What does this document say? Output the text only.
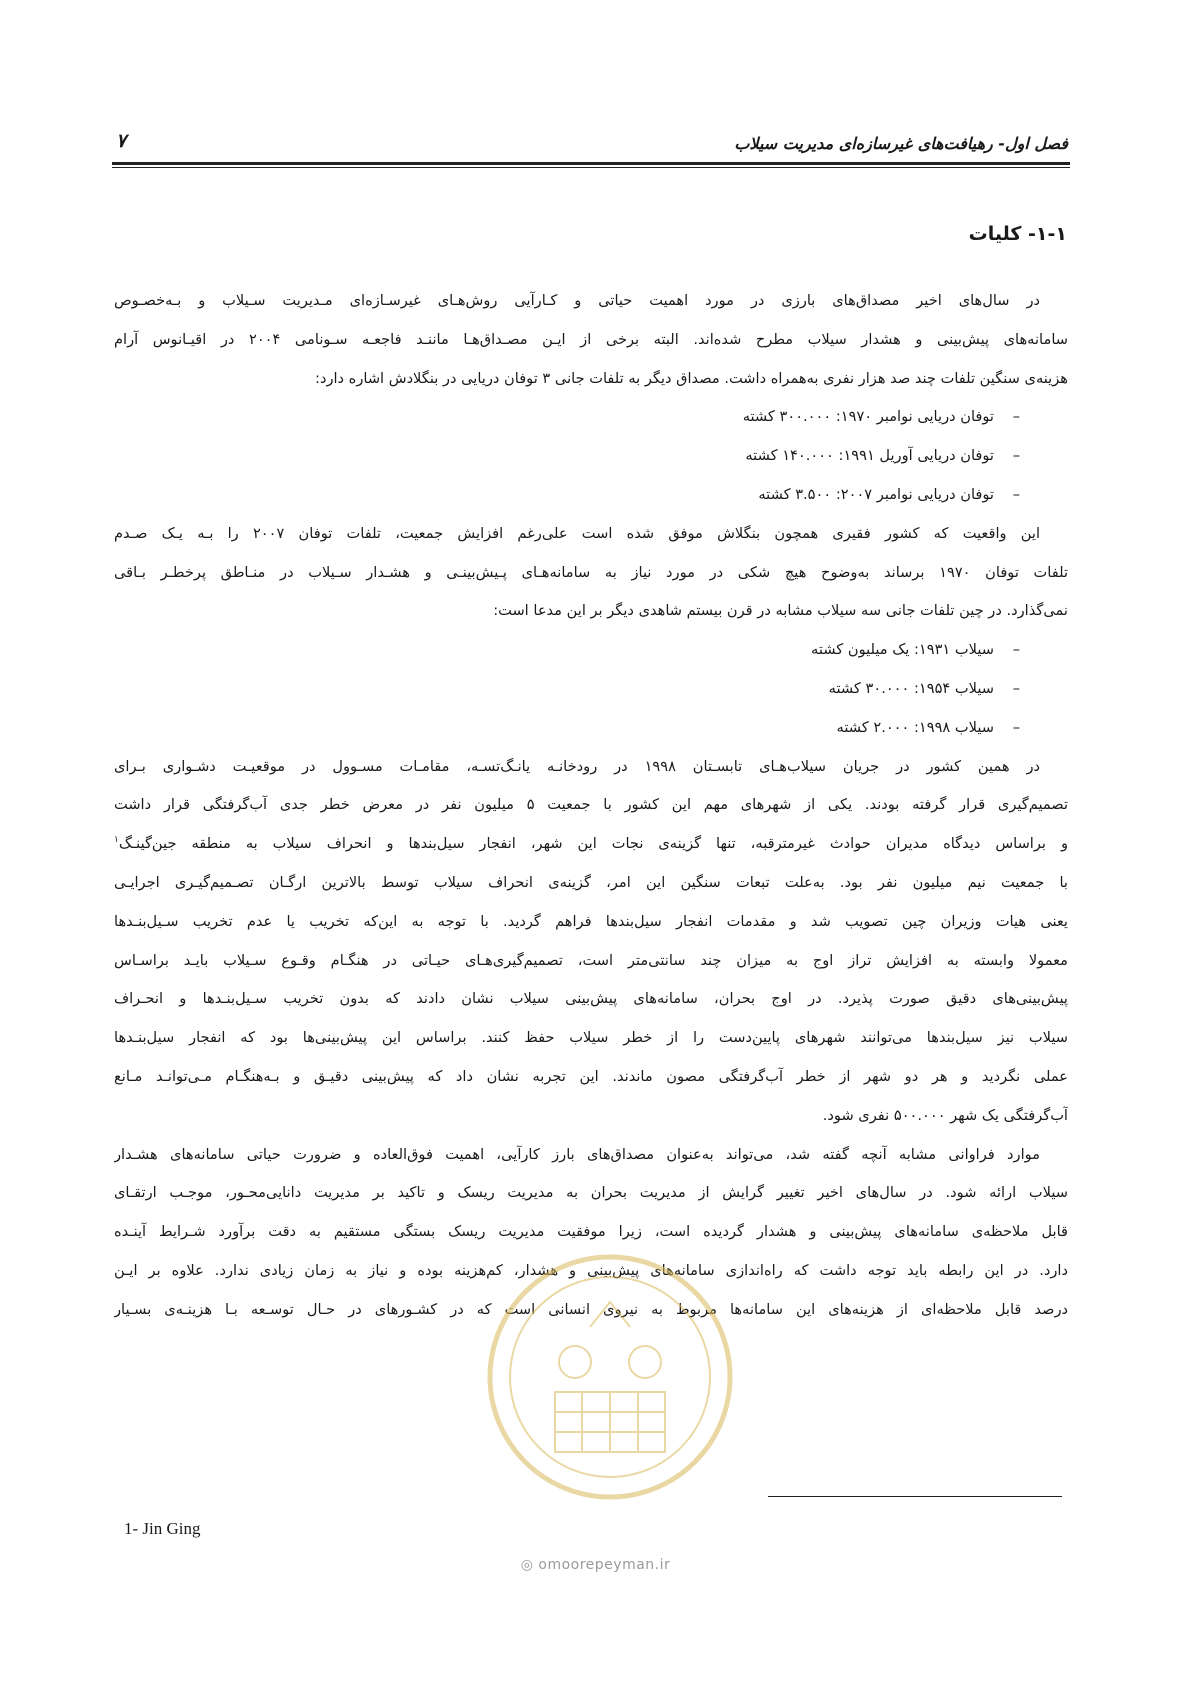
فصل اول- رهیافت‌های غیرسازه‌ای مدیریت سیلاب
۷
۱-۱- کلیات
در سال‌های اخیر مصداق‌های بارزی در مورد اهمیت حیاتی و کـارآیی روش‌هـای غیرسـازه‌ای مـدیریت سـیلاب و بـه‌خصـوص
سامانه‌های پیش‌بینی و هشدار سیلاب مطرح شده‌اند. البته برخی از ایـن مصـداق‌هـا ماننـد فاجعـه سـونامی ۲۰۰۴ در اقیـانوس آرام
هزینه‌ی سنگین تلفات چند صد هزار نفری به‌همراه داشت. مصداق دیگر به تلفات جانی ۳ توفان دریایی در بنگلادش اشاره دارد:
–توفان دریایی نوامبر ۱۹۷۰: ۳۰۰.۰۰۰ کشته
–توفان دریایی آوریل ۱۹۹۱: ۱۴۰.۰۰۰ کشته
–توفان دریایی نوامبر ۲۰۰۷: ۳.۵۰۰ کشته
این واقعیت که کشور فقیری همچون بنگلاش موفق شده است علی‌رغم افزایش جمعیت، تلفات توفان ۲۰۰۷ را بـه یـک صـدم
تلفات توفان ۱۹۷۰ برساند به‌وضوح هیچ شکی در مورد نیاز به سامانه‌هـای پـیش‌بینـی و هشـدار سـیلاب در منـاطق پرخطـر بـاقی
نمی‌گذارد. در چین تلفات جانی سه سیلاب مشابه در قرن بیستم شاهدی دیگر بر این مدعا است:
–سیلاب ۱۹۳۱: یک میلیون کشته
–سیلاب ۱۹۵۴: ۳۰.۰۰۰ کشته
–سیلاب ۱۹۹۸: ۲.۰۰۰ کشته
در همین کشور در جریان سیلاب‌هـای تابسـتان ۱۹۹۸ در رودخانـه یانـگ‌تسـه، مقامـات مسـوول در موقعیـت دشـواری بـرای
تصمیم‌گیری قرار گرفته بودند. یکی از شهرهای مهم این کشور با جمعیت ۵ میلیون نفر در معرض خطر جدی آب‌گرفتگی قرار داشت
و براساس دیدگاه مدیران حوادث غیرمترقبه، تنها گزینه‌ی نجات این شهر، انفجار سیل‌بندها و انحراف سیلاب به منطقه جین‌گینـگ$^۱$
با جمعیت نیم میلیون نفر بود. به‌علت تبعات سنگین این امر، گزینه‌ی انحراف سیلاب توسط بالاترین ارگـان تصـمیم‌گیـری اجرایـی
یعنی هیات وزیران چین تصویب شد و مقدمات انفجار سیل‌بندها فراهم گردید. با توجه به این‌که تخریب یا عدم تخریب سـیل‌بنـدها
معمولا وابسته به افزایش تراز اوج به میزان چند سانتی‌متر است، تصمیم‌گیری‌هـای حیـاتی در هنگـام وقـوع سـیلاب بایـد براسـاس
پیش‌بینی‌های دقیق صورت پذیرد. در اوج بحران، سامانه‌های پیش‌بینی سیلاب نشان دادند که بدون تخریب سـیل‌بنـدها و انحـراف
سیلاب نیز سیل‌بندها می‌توانند شهرهای پایین‌دست را از خطر سیلاب حفظ کنند. براساس این پیش‌بینی‌ها بود که انفجار سیل‌بنـدها
عملی نگردید و هر دو شهر از خطر آب‌گرفتگی مصون ماندند. این تجربه نشان داد که پیش‌بینی دقیـق و بـه‌هنگـام مـی‌توانـد مـانع
آب‌گرفتگی یک شهر ۵۰۰.۰۰۰ نفری شود.
موارد فراوانی مشابه آنچه گفته شد، می‌تواند به‌عنوان مصداق‌های بارز کارآیی، اهمیت فوق‌العاده و ضرورت حیاتی سامانه‌های هشـدار
سیلاب ارائه شود. در سال‌های اخیر تغییر گرایش از مدیریت بحران به مدیریت ریسک و تاکید بر مدیریت دانایی‌محـور، موجـب ارتقـای
قابل ملاحظه‌ی سامانه‌های پیش‌بینی و هشدار گردیده است، زیرا موفقیت مدیریت ریسک بستگی مستقیم به دقت برآورد شـرایط آینـده
دارد. در این رابطه باید توجه داشت که راه‌اندازی سامانه‌های پیش‌بینی و هشدار، کم‌هزینه بوده و نیاز به زمان زیادی ندارد. علاوه بر ایـن
درصد قابل ملاحظه‌ای از هزینه‌های این سامانه‌ها مربوط به نیروی انسانی است که در کشـورهای در حـال توسـعه بـا هزینـه‌ی بسـیار
1- Jin Ging
◎ omoorepeyman.ir
